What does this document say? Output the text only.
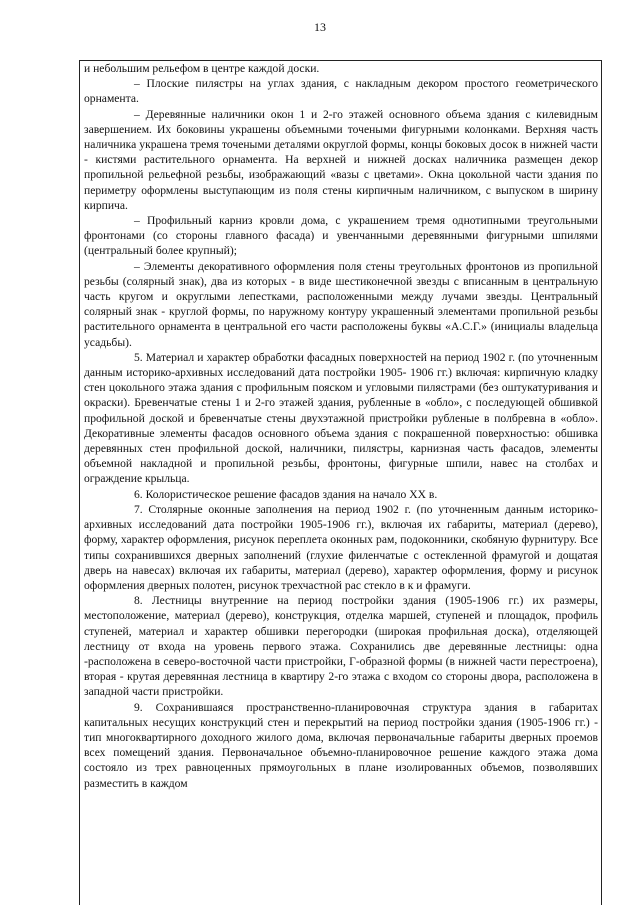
13

и небольшим рельефом в центре каждой доски.

– Плоские пилястры на углах здания, с накладным декором простого геометрического орнамента.

– Деревянные наличники окон 1 и 2-го этажей основного объема здания с килевидным завершением. Их боковины украшены объемными точеными фигурными колонками. Верхняя часть наличника украшена тремя точеными деталями округлой формы, концы боковых досок в нижней части - кистями растительного орнамента. На верхней и нижней досках наличника размещен декор пропильной рельефной резьбы, изображающий «вазы с цветами». Окна цокольной части здания по периметру оформлены выступающим из поля стены кирпичным наличником, с выпуском в ширину кирпича.

– Профильный карниз кровли дома, с украшением тремя однотипными треугольными фронтонами (со стороны главного фасада) и увенчанными деревянными фигурными шпилями (центральный более крупный);

– Элементы декоративного оформления поля стены треугольных фронтонов из пропильной резьбы (солярный знак), два из которых - в виде шестиконечной звезды с вписанным в центральную часть кругом и округлыми лепестками, расположенными между лучами звезды. Центральный солярный знак - круглой формы, по наружному контуру украшенный элементами пропильной резьбы растительного орнамента в центральной его части расположены буквы «А.С.Г.» (инициалы владельца усадьбы).

5. Материал и характер обработки фасадных поверхностей на период 1902 г. (по уточненным данным историко-архивных исследований дата постройки 1905- 1906 гг.) включая: кирпичную кладку стен цокольного этажа здания с профильным пояском и угловыми пилястрами (без оштукатуривания и окраски). Бревенчатые стены 1 и 2-го этажей здания, рубленные в «обло», с последующей обшивкой профильной доской и бревенчатые стены двухэтажной пристройки рубленые в полбревна в «обло». Декоративные элементы фасадов основного объема здания с покрашенной поверхностью: обшивка деревянных стен профильной доской, наличники, пилястры, карнизная часть фасадов, элементы объемной накладной и пропильной резьбы, фронтоны, фигурные шпили, навес на столбах и ограждение крыльца.

6. Колористическое решение фасадов здания на начало XX в.

7. Столярные оконные заполнения на период 1902 г. (по уточненным данным историко-архивных исследований дата постройки 1905-1906 гг.), включая их габариты, материал (дерево), форму, характер оформления, рисунок переплета оконных рам, подоконники, скобяную фурнитуру. Все типы сохранившихся дверных заполнений (глухие филенчатые с остекленной фрамугой и дощатая дверь на навесах) включая их габариты, материал (дерево), характер оформления, форму и рисунок оформления дверных полотен, рисунок трехчастной рас стекло в к и фрамуги.

8. Лестницы внутренние на период постройки здания (1905-1906 гг.) их размеры, местоположение, материал (дерево), конструкция, отделка маршей, ступеней и площадок, профиль ступеней, материал и характер обшивки перегородки (широкая профильная доска), отделяющей лестницу от входа на уровень первого этажа. Сохранились две деревянные лестницы: одна -расположена в северо-восточной части пристройки, Г-образной формы (в нижней части перестроена), вторая - крутая деревянная лестница в квартиру 2-го этажа с входом со стороны двора, расположена в западной части пристройки.

9. Сохранившаяся пространственно-планировочная структура здания в габаритах капитальных несущих конструкций стен и перекрытий на период постройки здания (1905-1906 гг.) - тип многоквартирного доходного жилого дома, включая первоначальные габариты дверных проемов всех помещений здания. Первоначальное объемно-планировочное решение каждого этажа дома состояло из трех равноценных прямоугольных в плане изолированных объемов, позволявших разместить в каждом
